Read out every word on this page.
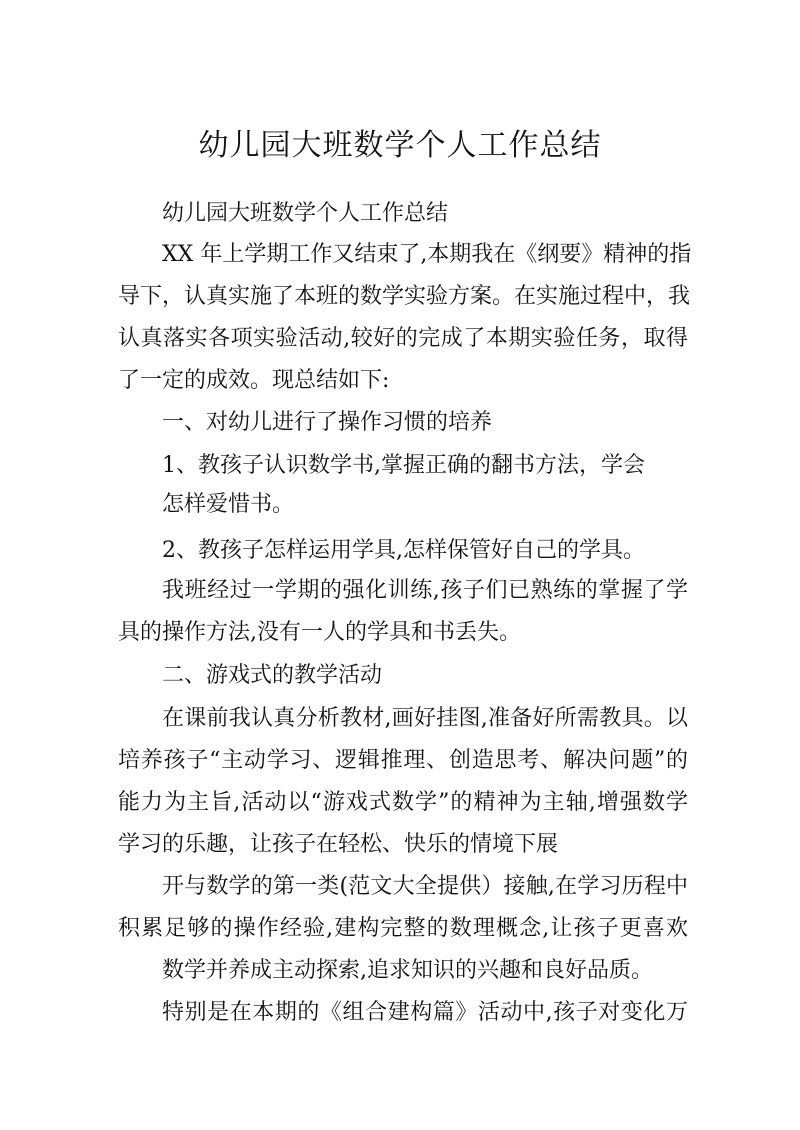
幼儿园大班数学个人工作总结

幼儿园大班数学个人工作总结

XX 年上学期工作又结束了,本期我在《纲要》精神的指

导下，认真实施了本班的数学实验方案。在实施过程中，我

认真落实各项实验活动,较好的完成了本期实验任务，取得

了一定的成效。现总结如下:

一、对幼儿进行了操作习惯的培养

1、教孩子认识数学书,掌握正确的翻书方法，学会

怎样爱惜书。

2、教孩子怎样运用学具,怎样保管好自己的学具。

我班经过一学期的强化训练,孩子们已熟练的掌握了学

具的操作方法,没有一人的学具和书丢失。

二、游戏式的教学活动

在课前我认真分析教材,画好挂图,准备好所需教具。以

培养孩子“主动学习、逻辑推理、创造思考、解决问题”的

能力为主旨,活动以“游戏式数学”的精神为主轴,增强数学

学习的乐趣，让孩子在轻松、快乐的情境下展

开与数学的第一类(范文大全提供）接触,在学习历程中

积累足够的操作经验,建构完整的数理概念,让孩子更喜欢

数学并养成主动探索,追求知识的兴趣和良好品质。

特别是在本期的《组合建构篇》活动中,孩子对变化万
